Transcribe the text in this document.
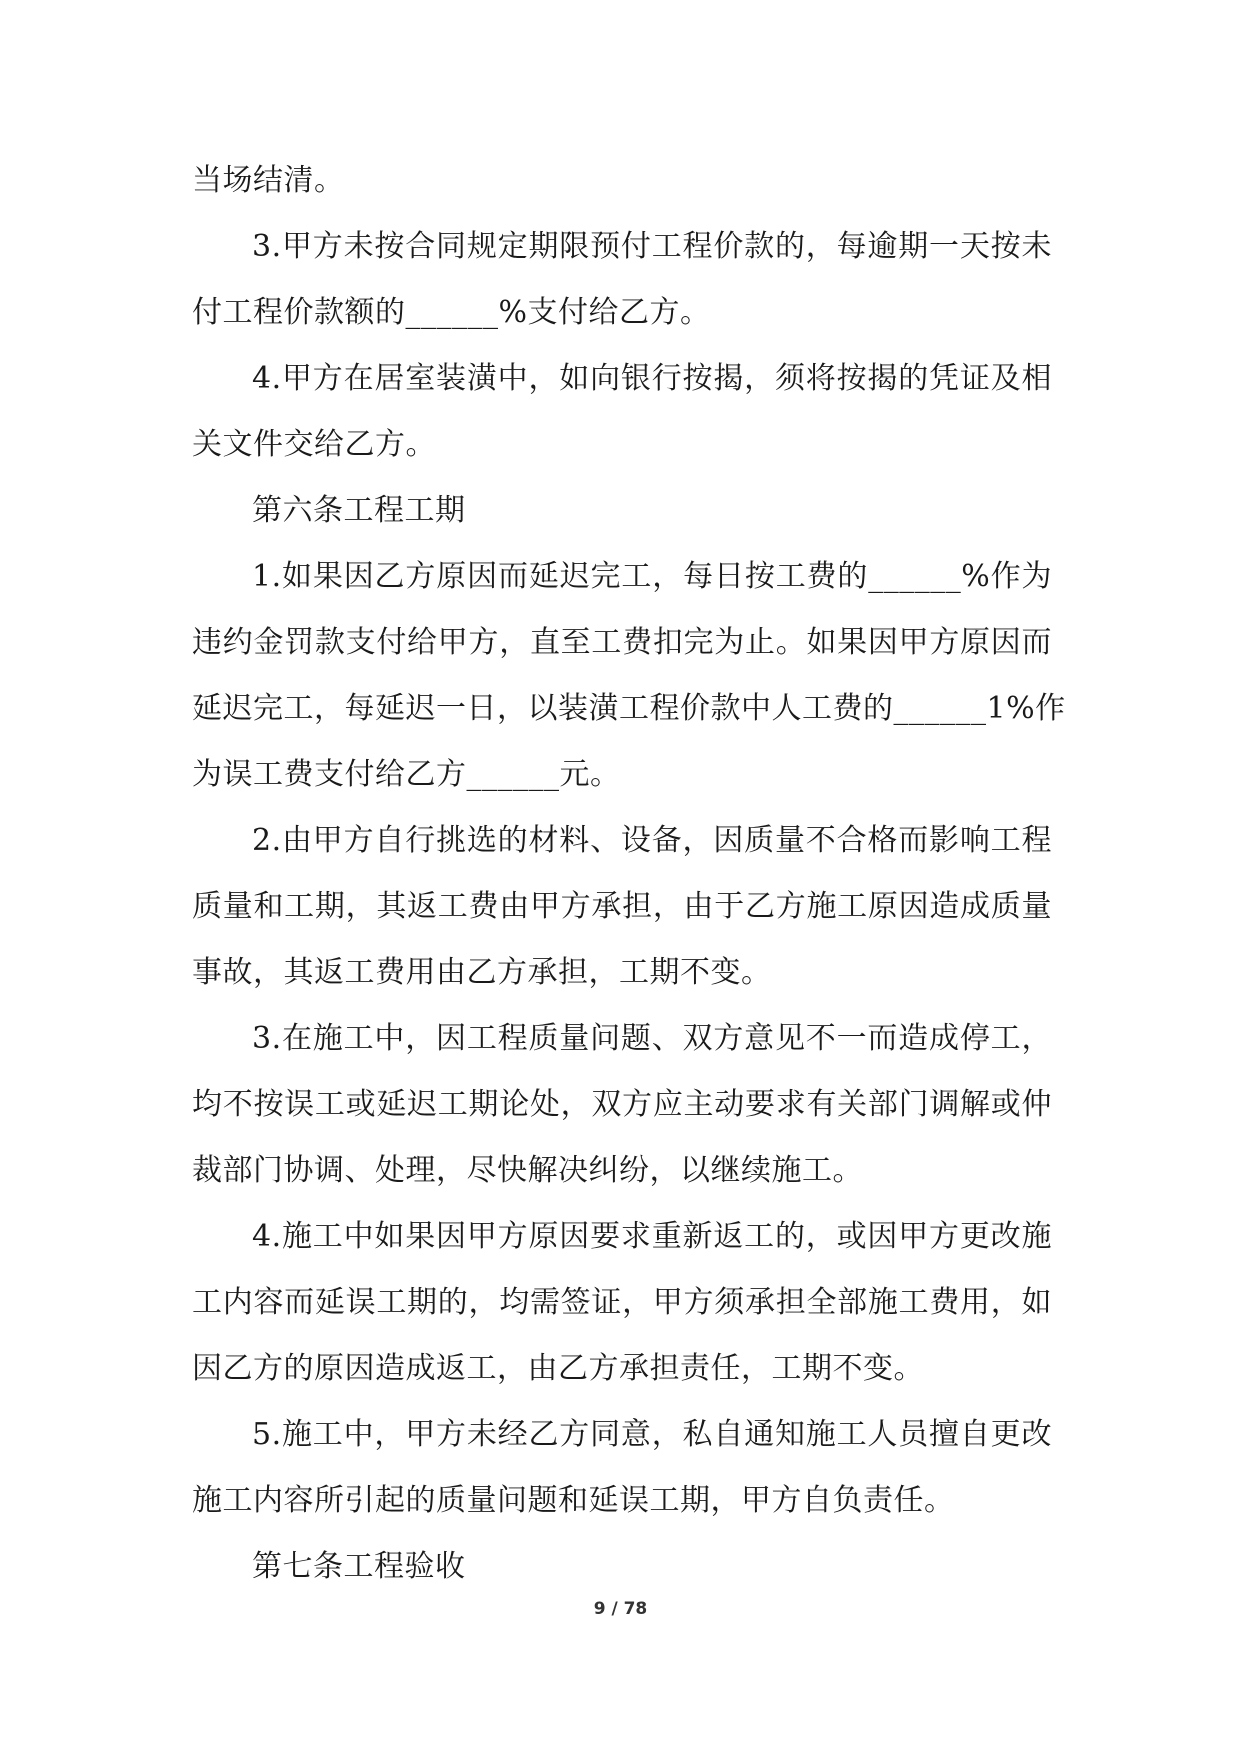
当场结清。
3.甲方未按合同规定期限预付工程价款的，每逾期一天按未
付工程价款额的______%支付给乙方。
4.甲方在居室装潢中，如向银行按揭，须将按揭的凭证及相
关文件交给乙方。
第六条工程工期
1.如果因乙方原因而延迟完工，每日按工费的______%作为
违约金罚款支付给甲方，直至工费扣完为止。如果因甲方原因而
延迟完工，每延迟一日，以装潢工程价款中人工费的______1%作
为误工费支付给乙方______元。
2.由甲方自行挑选的材料、设备，因质量不合格而影响工程
质量和工期，其返工费由甲方承担，由于乙方施工原因造成质量
事故，其返工费用由乙方承担，工期不变。
3.在施工中，因工程质量问题、双方意见不一而造成停工，
均不按误工或延迟工期论处，双方应主动要求有关部门调解或仲
裁部门协调、处理，尽快解决纠纷，以继续施工。
4.施工中如果因甲方原因要求重新返工的，或因甲方更改施
工内容而延误工期的，均需签证，甲方须承担全部施工费用，如
因乙方的原因造成返工，由乙方承担责任，工期不变。
5.施工中，甲方未经乙方同意，私自通知施工人员擅自更改
施工内容所引起的质量问题和延误工期，甲方自负责任。
第七条工程验收
9 / 78
